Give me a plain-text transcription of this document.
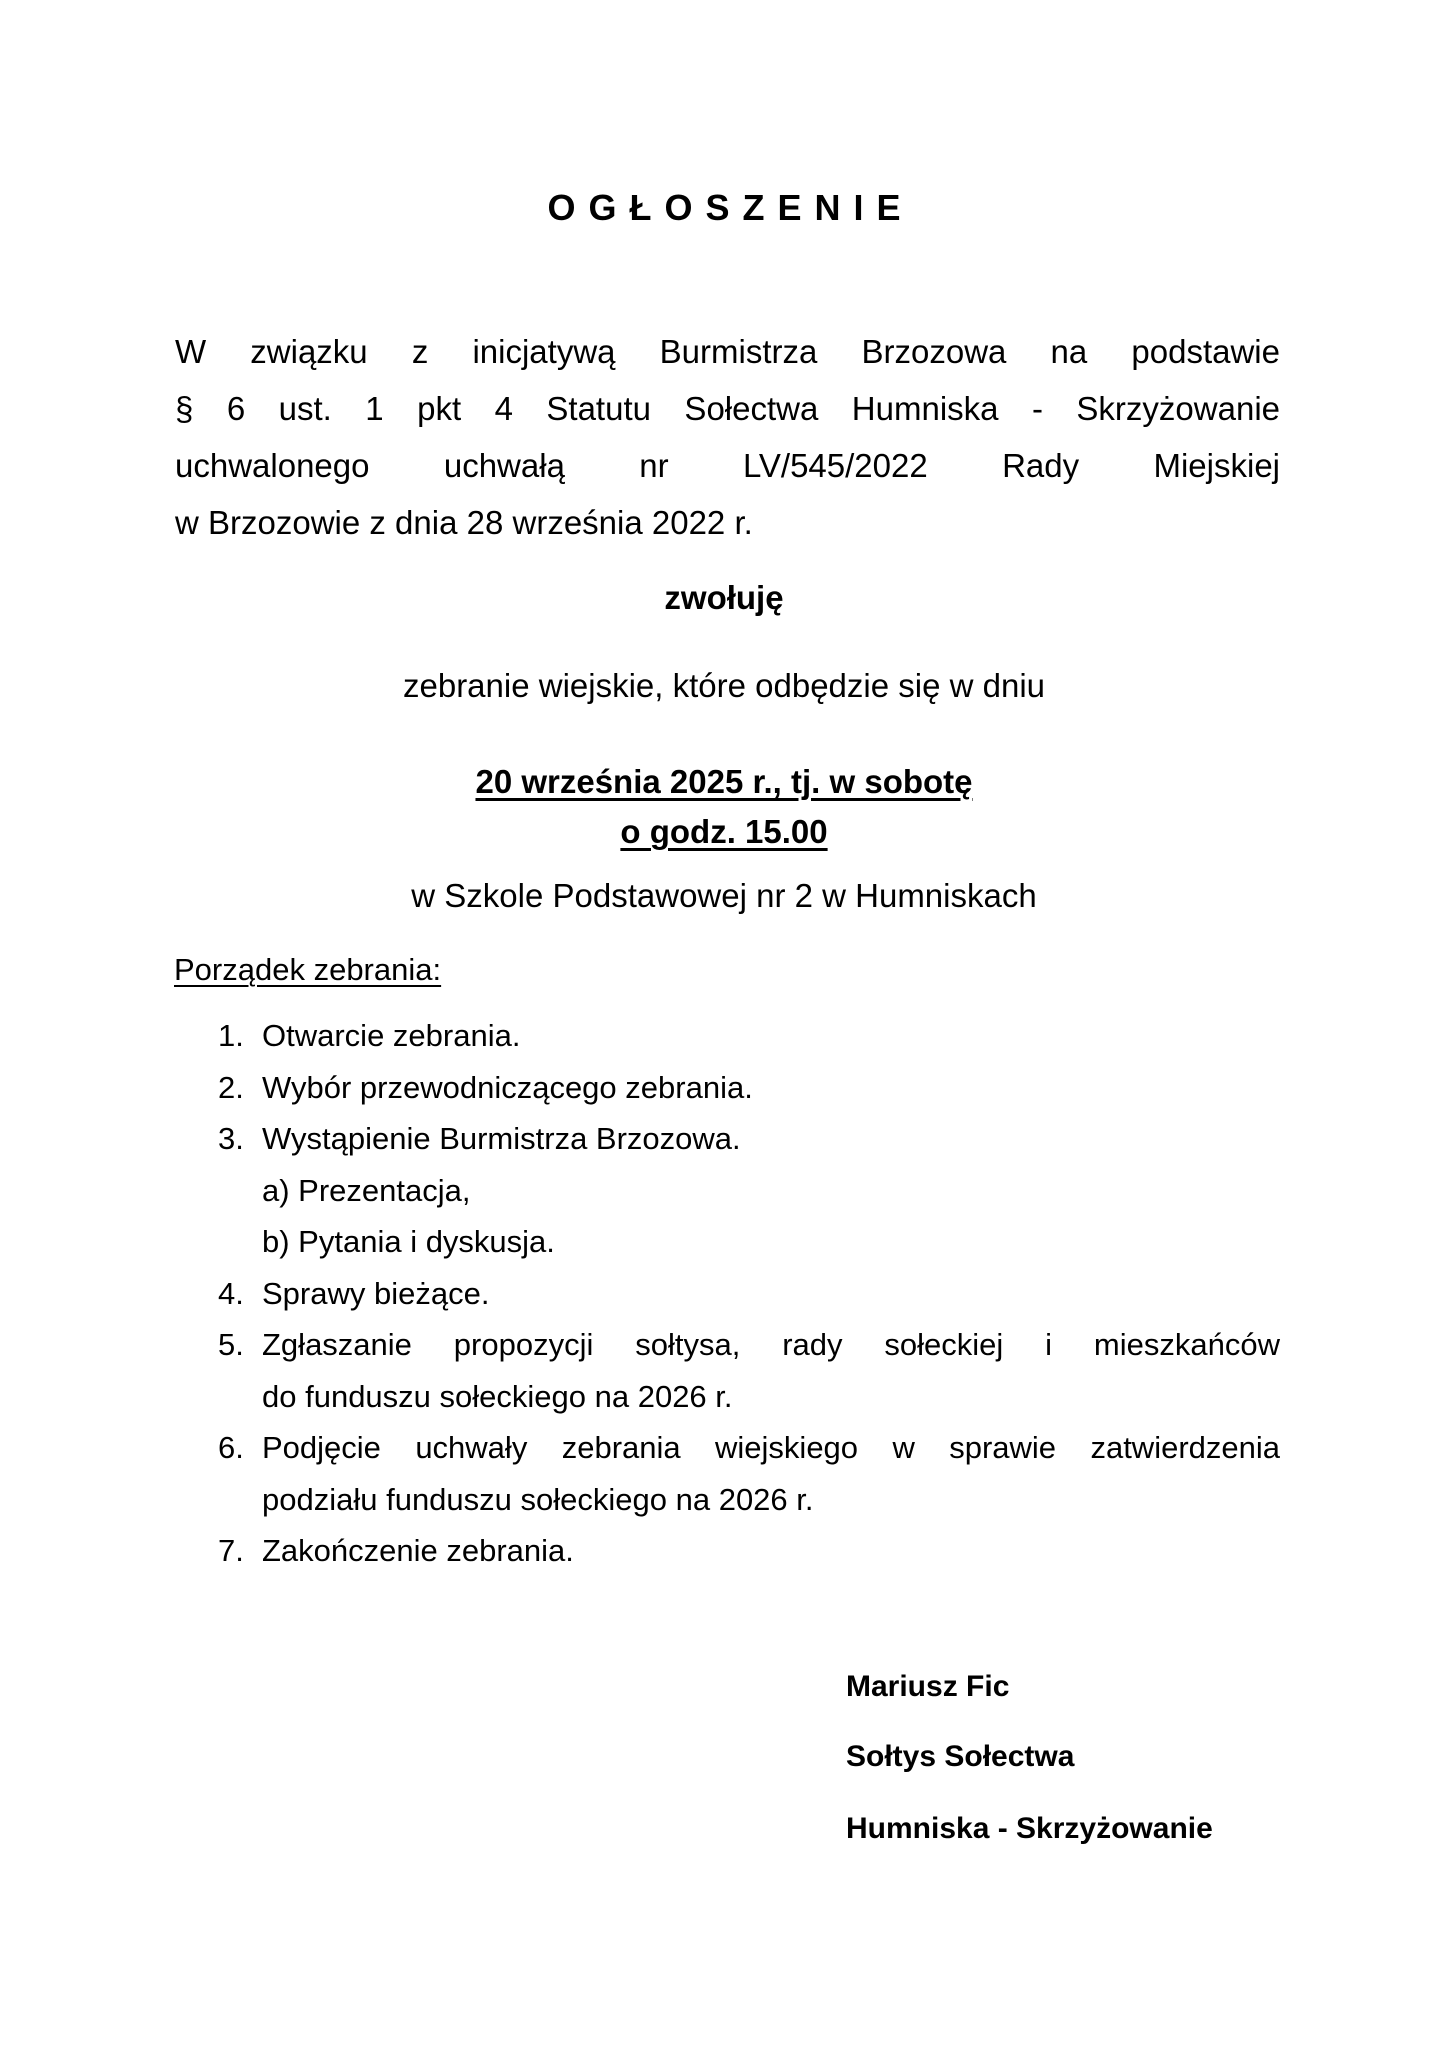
OGŁOSZENIE

W związku z inicjatywą Burmistrza Brzozowa na podstawie
§ 6 ust. 1 pkt 4 Statutu Sołectwa Humniska - Skrzyżowanie
uchwalonego uchwałą nr LV/545/2022 Rady Miejskiej
w Brzozowie z dnia 28 września 2022 r.

zwołuję
zebranie wiejskie, które odbędzie się w dniu
20 września 2025 r., tj. w sobotę
o godz. 15.00
w Szkole Podstawowej nr 2 w Humniskach
Porządek zebrania:
1. Otwarcie zebrania.
2. Wybór przewodniczącego zebrania.
3. Wystąpienie Burmistrza Brzozowa.
a) Prezentacja,
b) Pytania i dyskusja.
4. Sprawy bieżące.
5. Zgłaszanie propozycji sołtysa, rady sołeckiej i mieszkańców
do funduszu sołeckiego na 2026 r.
6. Podjęcie uchwały zebrania wiejskiego w sprawie zatwierdzenia
podziału funduszu sołeckiego na 2026 r.
7. Zakończenie zebrania.
Mariusz Fic
Sołtys Sołectwa
Humniska - Skrzyżowanie
